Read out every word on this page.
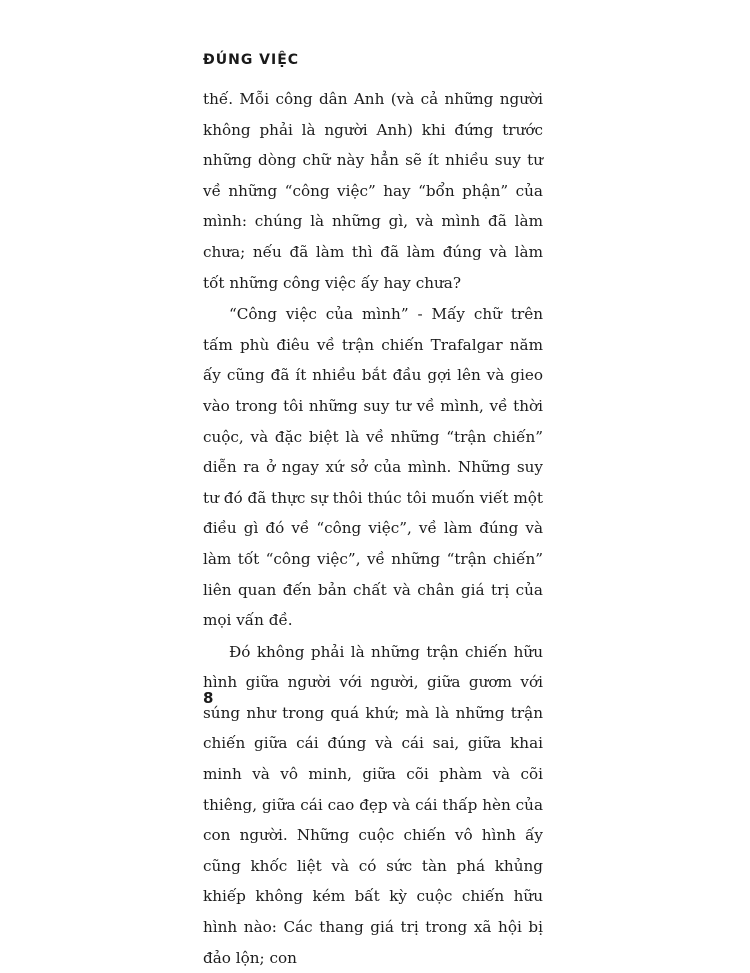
ĐÚNG VIỆC

thế. Mỗi công dân Anh (và cả những người không phải là người Anh) khi đứng trước những dòng chữ này hẳn sẽ ít nhiều suy tư về những “công việc” hay “bổn phận” của mình: chúng là những gì, và mình đã làm chưa; nếu đã làm thì đã làm đúng và làm tốt những công việc ấy hay chưa?

“Công việc của mình” - Mấy chữ trên tấm phù điêu về trận chiến Trafalgar năm ấy cũng đã ít nhiều bắt đầu gợi lên và gieo vào trong tôi những suy tư về mình, về thời cuộc, và đặc biệt là về những “trận chiến” diễn ra ở ngay xứ sở của mình. Những suy tư đó đã thực sự thôi thúc tôi muốn viết một điều gì đó về “công việc”, về làm đúng và làm tốt “công việc”, về những “trận chiến” liên quan đến bản chất và chân giá trị của mọi vấn đề.

Đó không phải là những trận chiến hữu hình giữa người với người, giữa gươm với súng như trong quá khứ; mà là những trận chiến giữa cái đúng và cái sai, giữa khai minh và vô minh, giữa cõi phàm và cõi thiêng, giữa cái cao đẹp và cái thấp hèn của con người. Những cuộc chiến vô hình ấy cũng khốc liệt và có sức tàn phá khủng khiếp không kém bất kỳ cuộc chiến hữu hình nào: Các thang giá trị trong xã hội bị đảo lộn; con

8
